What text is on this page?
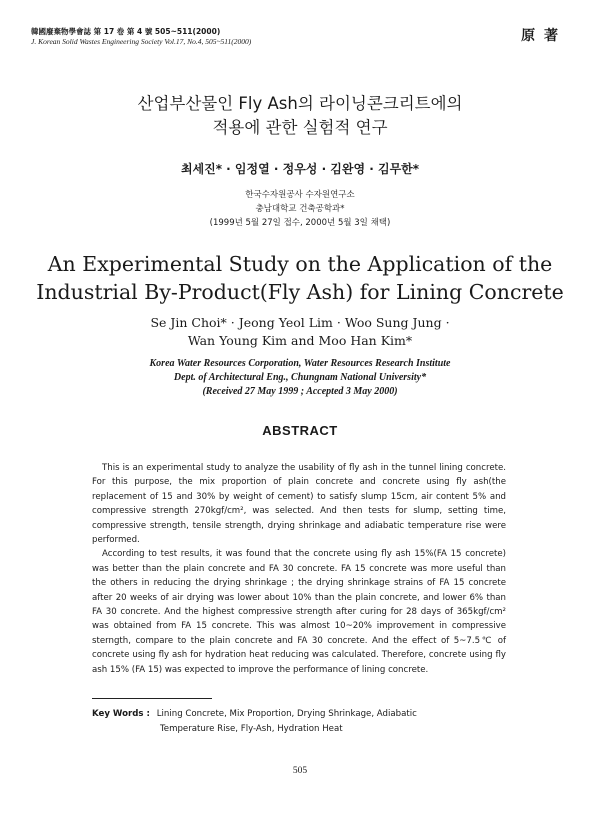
韓國廢棄物學會誌 第 17 卷 第 4 號 505~511(2000)
J. Korean Solid Wastes Engineering Society Vol.17, No.4, 505~511(2000)	原 著
산업부산물인 Fly Ash의 라이닝콘크리트에의
적용에 관한 실험적 연구
최세진* · 임정열 · 정우성 · 김완영 · 김무한*
한국수자원공사 수자원연구소
충남대학교 건축공학과*
(1999년 5월 27일 접수, 2000년 5월 3일 채택)
An Experimental Study on the Application of the
Industrial By-Product(Fly Ash) for Lining Concrete
Se Jin Choi* · Jeong Yeol Lim · Woo Sung Jung ·
Wan Young Kim and Moo Han Kim*
Korea Water Resources Corporation, Water Resources Research Institute
Dept. of Architectural Eng., Chungnam National University*
(Received 27 May 1999 ; Accepted 3 May 2000)
ABSTRACT

This is an experimental study to analyze the usability of fly ash in the tunnel lining concrete. For this purpose, the mix proportion of plain concrete and concrete using fly ash(the replacement of 15 and 30% by weight of cement) to satisfy slump 15cm, air content 5% and compressive strength 270kgf/cm², was selected. And then tests for slump, setting time, compressive strength, tensile strength, drying shrinkage and adiabatic temperature rise were performed.

According to test results, it was found that the concrete using fly ash 15%(FA 15 concrete) was better than the plain concrete and FA 30 concrete. FA 15 concrete was more useful than the others in reducing the drying shrinkage ; the drying shrinkage strains of FA 15 concrete after 20 weeks of air drying was lower about 10% than the plain concrete, and lower 6% than FA 30 concrete. And the highest compressive strength after curing for 28 days of 365kgf/cm² was obtained from FA 15 concrete. This was almost 10~20% improvement in compressive sterngth, compare to the plain concrete and FA 30 concrete. And the effect of 5~7.5℃ of concrete using fly ash for hydration heat reducing was calculated. Therefore, concrete using fly ash 15% (FA 15) was expected to improve the performance of lining concrete.

Key Words : Lining Concrete, Mix Proportion, Drying Shrinkage, Adiabatic
Temperature Rise, Fly-Ash, Hydration Heat
505
